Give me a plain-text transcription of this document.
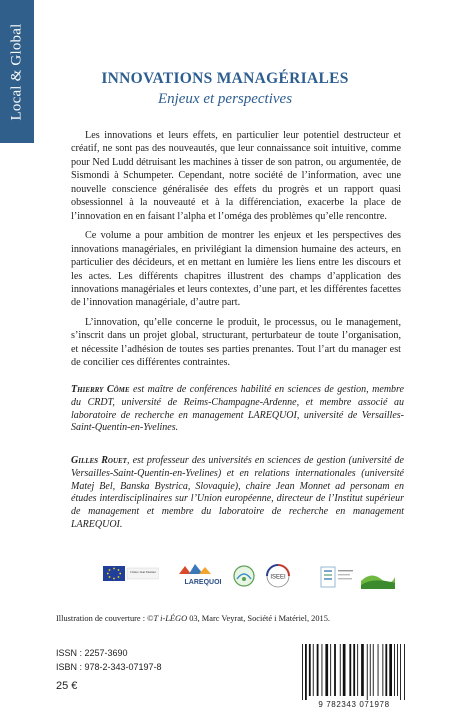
Local & Global	INNOVATIONS MANAGÉRIALES
Enjeux et perspectives

Les innovations et leurs effets, en particulier leur potentiel destructeur et créatif, ne sont pas des nouveautés, que leur connaissance soit intuitive, comme pour Ned Ludd détruisant les machines à tisser de son patron, ou argumentée, de Sismondi à Schumpeter. Cependant, notre société de l’information, avec une nouvelle conscience généralisée des effets du progrès et un rapport quasi obsessionnel à la nouveauté et à la différenciation, exacerbe la place de l’innovation en en faisant l’alpha et l’oméga des problèmes qu’elle rencontre.

Ce volume a pour ambition de montrer les enjeux et les perspectives des innovations managériales, en privilégiant la dimension humaine des acteurs, en particulier des décideurs, et en mettant en lumière les liens entre les discours et les actes. Les différents chapitres illustrent des champs d’application des innovations managériales et leurs contextes, d’une part, et les différentes facettes de l’innovation managériale, d’autre part.

L’innovation, qu’elle concerne le produit, le processus, ou le management, s’inscrit dans un projet global, structurant, perturbateur de toute l’organisation, et nécessite l’adhésion de toutes ses parties prenantes. Tout l’art du manager est de concilier ces différentes contraintes.

Thierry Côme est maître de conférences habilité en sciences de gestion, membre du CRDT, université de Reims-Champagne-Ardenne, et membre associé au laboratoire de recherche en management LAREQUOI, université de Versailles-Saint-Quentin-en-Yvelines.
Gilles Rouet, est professeur des universités en sciences de gestion (université de Versailles-Saint-Quentin-en-Yvelines) et en relations internationales (université Matej Bel, Banska Bystrica, Slovaquie), chaire Jean Monnet ad personam en études interdisciplinaires sur l’Union européenne, directeur de l’Institut supérieur de management et membre du laboratoire de recherche en management LAREQUOI.
Chaire Jean Monnet
LAREQUOI
ISEEI
Illustration de couverture : ©T i-LÉGO 03, Marc Veyrat, Société i Matériel, 2015.
ISSN : 2257-3690
ISBN : 978-2-343-07197-8
25 €
9 782343 071978
